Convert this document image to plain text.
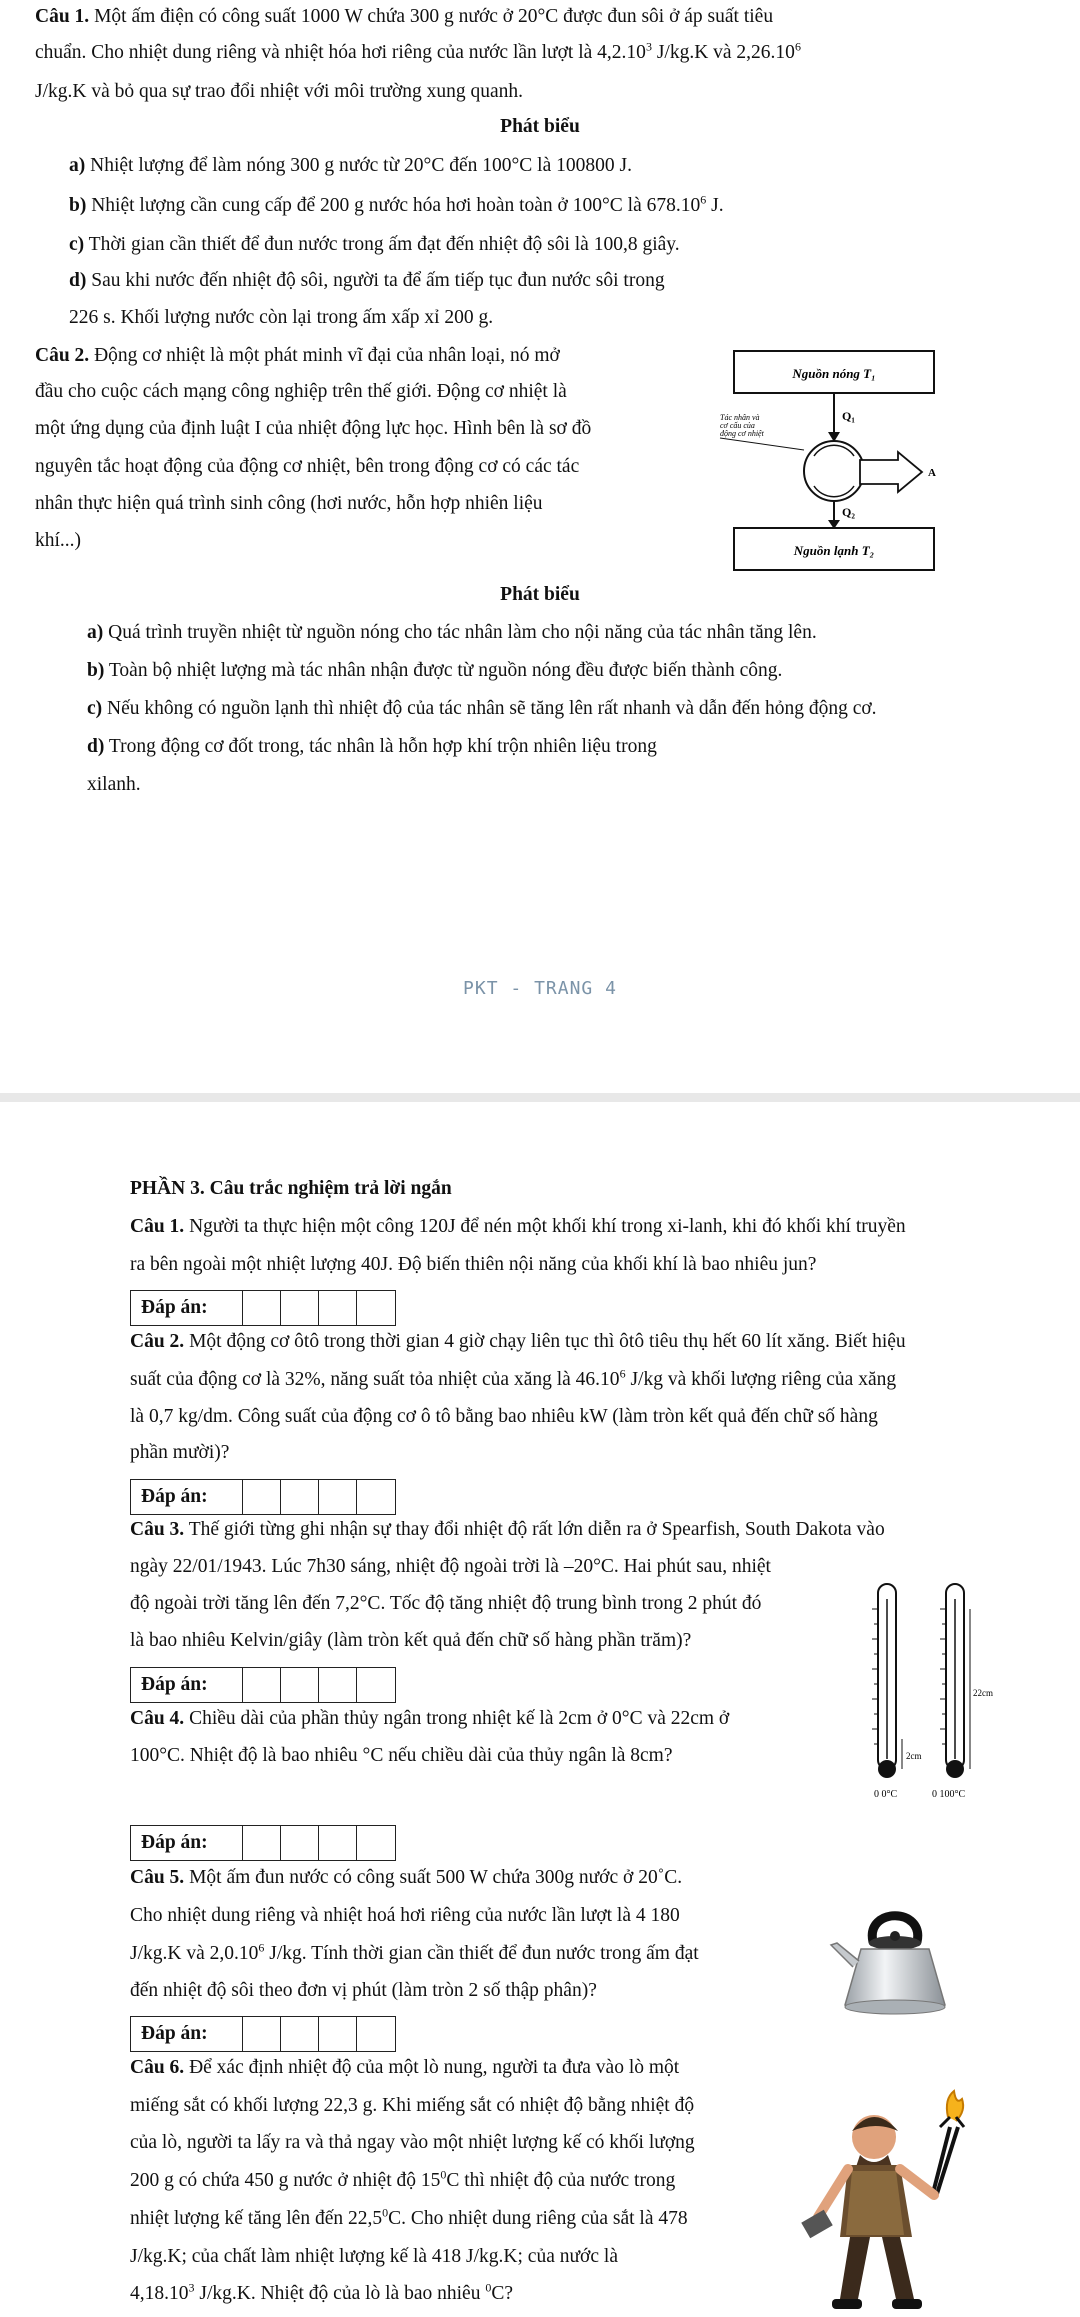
Câu 1. Một ấm điện có công suất 1000 W chứa 300 g nước ở 20°C được đun sôi ở áp suất tiêu
chuẩn. Cho nhiệt dung riêng và nhiệt hóa hơi riêng của nước lần lượt là 4,2.10$^3$ J/kg.K và 2,26.10$^6$
J/kg.K và bỏ qua sự trao đổi nhiệt với môi trường xung quanh.
Phát biểu
a) Nhiệt lượng để làm nóng 300 g nước từ 20°C đến 100°C là 100800 J.
b) Nhiệt lượng cần cung cấp để 200 g nước hóa hơi hoàn toàn ở 100°C là 678.10$^6$ J.
c) Thời gian cần thiết để đun nước trong ấm đạt đến nhiệt độ sôi là 100,8 giây.
d) Sau khi nước đến nhiệt độ sôi, người ta để ấm tiếp tục đun nước sôi trong
226 s. Khối lượng nước còn lại trong ấm xấp xỉ 200 g.
Câu 2. Động cơ nhiệt là một phát minh vĩ đại của nhân loại, nó mở
đầu cho cuộc cách mạng công nghiệp trên thế giới. Động cơ nhiệt là
một ứng dụng của định luật I của nhiệt động lực học. Hình bên là sơ đồ
nguyên tắc hoạt động của động cơ nhiệt, bên trong động cơ có các tác
nhân thực hiện quá trình sinh công (hơi nước, hỗn hợp nhiên liệu
khí...)
Nguồn nóng T₁
Nguồn lạnh T₂
A
Q₁
Q₂
Tác nhân và
cơ cấu của
động cơ nhiệt
Phát biểu
a) Quá trình truyền nhiệt từ nguồn nóng cho tác nhân làm cho nội năng của tác nhân tăng lên.
b) Toàn bộ nhiệt lượng mà tác nhân nhận được từ nguồn nóng đều được biến thành công.
c) Nếu không có nguồn lạnh thì nhiệt độ của tác nhân sẽ tăng lên rất nhanh và dẫn đến hỏng động cơ.
d) Trong động cơ đốt trong, tác nhân là hỗn hợp khí trộn nhiên liệu trong
xilanh.
PKT - TRANG 4
PHẦN 3. Câu trắc nghiệm trả lời ngắn
Câu 1. Người ta thực hiện một công 120J để nén một khối khí trong xi-lanh, khi đó khối khí truyền
ra bên ngoài một nhiệt lượng 40J. Độ biến thiên nội năng của khối khí là bao nhiêu jun?
Đáp án:
Câu 2. Một động cơ ôtô trong thời gian 4 giờ chạy liên tục thì ôtô tiêu thụ hết 60 lít xăng. Biết hiệu
suất của động cơ là 32%, năng suất tỏa nhiệt của xăng là 46.10$^6$ J/kg và khối lượng riêng của xăng
là 0,7 kg/dm. Công suất của động cơ ô tô bằng bao nhiêu kW (làm tròn kết quả đến chữ số hàng
phần mười)?
Đáp án:
Câu 3. Thế giới từng ghi nhận sự thay đổi nhiệt độ rất lớn diễn ra ở Spearfish, South Dakota vào
ngày 22/01/1943. Lúc 7h30 sáng, nhiệt độ ngoài trời là –20°C. Hai phút sau, nhiệt
độ ngoài trời tăng lên đến 7,2°C. Tốc độ tăng nhiệt độ trung bình trong 2 phút đó
là bao nhiêu Kelvin/giây (làm tròn kết quả đến chữ số hàng phần trăm)?
Đáp án:
2cm
22cm
0 0°C	0 100°C
Câu 4. Chiều dài của phần thủy ngân trong nhiệt kế là 2cm ở 0°C và 22cm ở
100°C. Nhiệt độ là bao nhiêu °C nếu chiều dài của thủy ngân là 8cm?
Đáp án:
Câu 5. Một ấm đun nước có công suất 500 W chứa 300g nước ở 20˚C.
Cho nhiệt dung riêng và nhiệt hoá hơi riêng của nước lần lượt là 4 180
J/kg.K và 2,0.10$^6$ J/kg. Tính thời gian cần thiết để đun nước trong ấm đạt
đến nhiệt độ sôi theo đơn vị phút (làm tròn 2 số thập phân)?
Đáp án:
Câu 6. Để xác định nhiệt độ của một lò nung, người ta đưa vào lò một
miếng sắt có khối lượng 22,3 g. Khi miếng sắt có nhiệt độ bằng nhiệt độ
của lò, người ta lấy ra và thả ngay vào một nhiệt lượng kế có khối lượng
200 g có chứa 450 g nước ở nhiệt độ $15^0C$ thì nhiệt độ của nước trong
nhiệt lượng kế tăng lên đến 22,5$^0$C. Cho nhiệt dung riêng của sắt là 478
J/kg.K; của chất làm nhiệt lượng kế là 418 J/kg.K; của nước là
4,18.10$^3$ J/kg.K. Nhiệt độ của lò là bao nhiêu $^0$C?
